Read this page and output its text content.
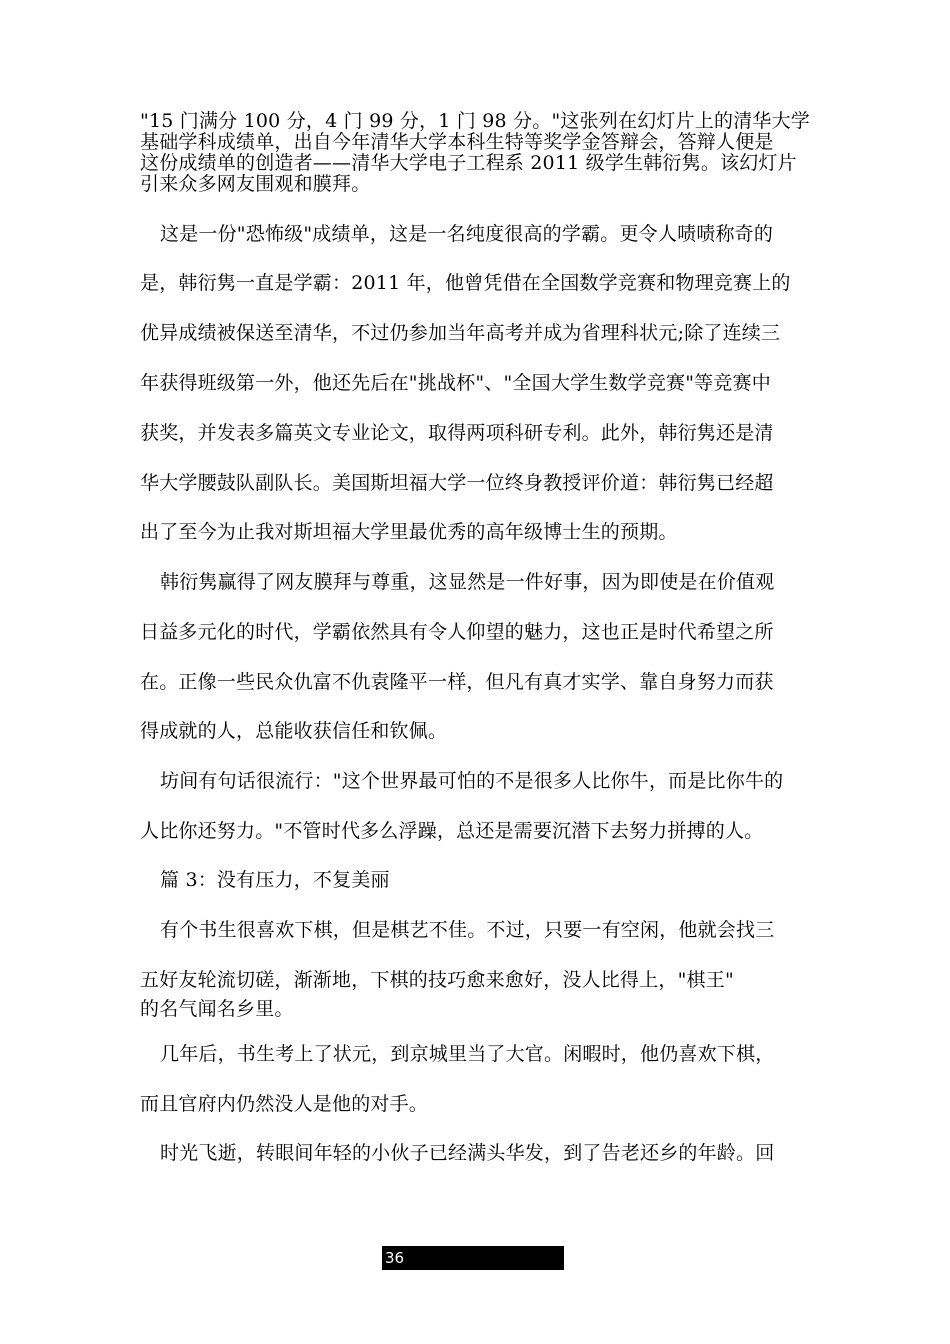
"15 门满分 100 分，4 门 99 分，1 门 98 分。"这张列在幻灯片上的清华大学
基础学科成绩单，出自今年清华大学本科生特等奖学金答辩会，答辩人便是
这份成绩单的创造者——清华大学电子工程系 2011 级学生韩衍隽。该幻灯片
引来众多网友围观和膜拜。
这是一份"恐怖级"成绩单，这是一名纯度很高的学霸。更令人啧啧称奇的
是，韩衍隽一直是学霸：2011 年，他曾凭借在全国数学竞赛和物理竞赛上的
优异成绩被保送至清华，不过仍参加当年高考并成为省理科状元;除了连续三
年获得班级第一外，他还先后在"挑战杯"、"全国大学生数学竞赛"等竞赛中
获奖，并发表多篇英文专业论文，取得两项科研专利。此外，韩衍隽还是清
华大学腰鼓队副队长。美国斯坦福大学一位终身教授评价道：韩衍隽已经超
出了至今为止我对斯坦福大学里最优秀的高年级博士生的预期。
韩衍隽赢得了网友膜拜与尊重，这显然是一件好事，因为即使是在价值观
日益多元化的时代，学霸依然具有令人仰望的魅力，这也正是时代希望之所
在。正像一些民众仇富不仇袁隆平一样，但凡有真才实学、靠自身努力而获
得成就的人，总能收获信任和钦佩。
坊间有句话很流行："这个世界最可怕的不是很多人比你牛，而是比你牛的
人比你还努力。"不管时代多么浮躁，总还是需要沉潜下去努力拼搏的人。
篇 3：没有压力，不复美丽
有个书生很喜欢下棋，但是棋艺不佳。不过，只要一有空闲，他就会找三
五好友轮流切磋，渐渐地，下棋的技巧愈来愈好，没人比得上，"棋王"
的名气闻名乡里。
几年后，书生考上了状元，到京城里当了大官。闲暇时，他仍喜欢下棋，
而且官府内仍然没人是他的对手。
时光飞逝，转眼间年轻的小伙子已经满头华发，到了告老还乡的年龄。回
36
